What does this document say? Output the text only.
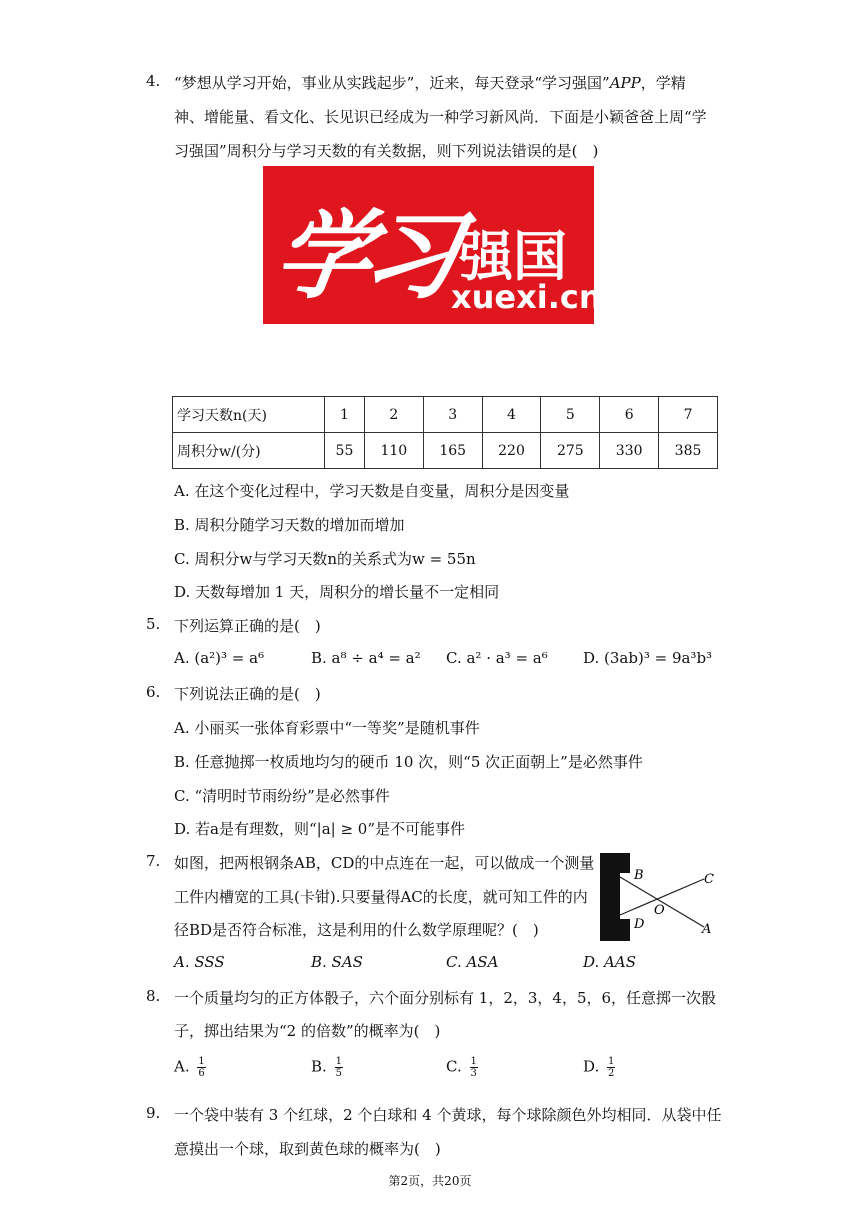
4. “梦想从学习开始，事业从实践起步”，近来，每天登录“学习强国”APP，学精
神、增能量、看文化、长见识已经成为一种学习新风尚．下面是小颖爸爸上周“学
习强国”周积分与学习天数的有关数据，则下列说法错误的是(　)
学习 强国
xuexi.cn
学习天数n(天)	1	2	3	4	5	6	7
周积分w/(分)	55	110	165	220	275	330	385
A. 在这个变化过程中，学习天数是自变量，周积分是因变量
B. 周积分随学习天数的增加而增加
C. 周积分w与学习天数n的关系式为w = 55n
D. 天数每增加 1 天，周积分的增长量不一定相同
5. 下列运算正确的是(　)
A. (a²)³ = a⁶	B. a⁸ ÷ a⁴ = a² C. a² · a³ = a⁶ D. (3ab)³ = 9a³b³
6. 下列说法正确的是(　)
A. 小丽买一张体育彩票中“一等奖”是随机事件
B. 任意抛掷一枚质地均匀的硬币 10 次，则“5 次正面朝上”是必然事件
C. “清明时节雨纷纷”是必然事件
D. 若a是有理数，则“|a| ≥ 0”是不可能事件
7. 如图，把两根钢条AB，CD的中点连在一起，可以做成一个测量
工件内槽宽的工具(卡钳).只要量得AC的长度，就可知工件的内
径BD是否符合标准，这是利用的什么数学原理呢？(　)
B	C
O
D	A
A. SSS	B. SAS	C. ASA	D. AAS
8. 一个质量均匀的正方体骰子，六个面分别标有 1，2，3，4，5，6，任意掷一次骰
子，掷出结果为“2 的倍数”的概率为(　)
A. $\frac{1}{6}$	B. $\frac{1}{5}$	C. $\frac{1}{3}$	D. $\frac{1}{2}$
9. 一个袋中装有 3 个红球，2 个白球和 4 个黄球，每个球除颜色外均相同．从袋中任
意摸出一个球，取到黄色球的概率为(　)
第2页，共20页
